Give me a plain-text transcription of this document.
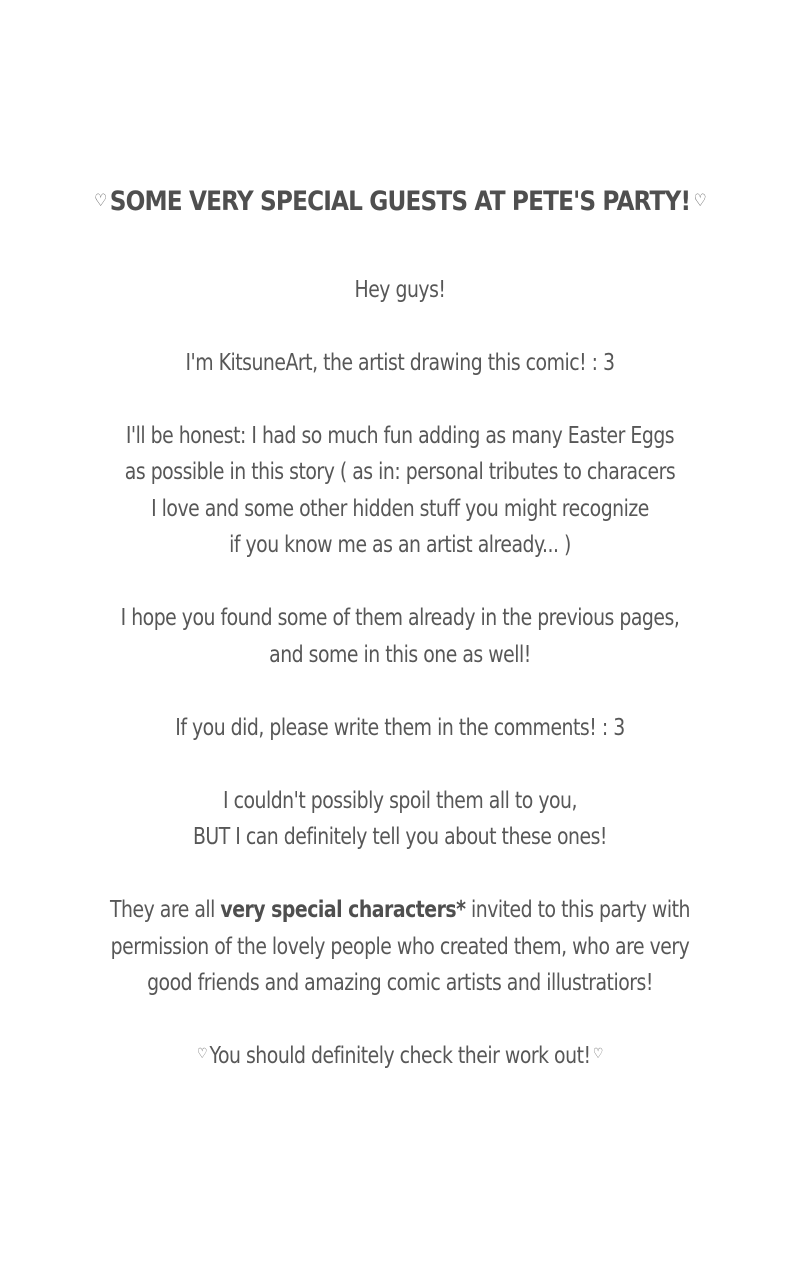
♡ SOME VERY SPECIAL GUESTS AT PETE'S PARTY! ♡
Hey guys!
I'm KitsuneArt, the artist drawing this comic! : 3
I'll be honest: I had so much fun adding as many Easter Eggs
as possible in this story ( as in: personal tributes to characers
I love and some other hidden stuff you might recognize
if you know me as an artist already... )
I hope you found some of them already in the previous pages,
and some in this one as well!
If you did, please write them in the comments! : 3
I couldn't possibly spoil them all to you,
BUT I can definitely tell you about these ones!
They are all very special characters* invited to this party with
permission of the lovely people who created them, who are very
good friends and amazing comic artists and illustratiors!
♡ You should definitely check their work out! ♡
